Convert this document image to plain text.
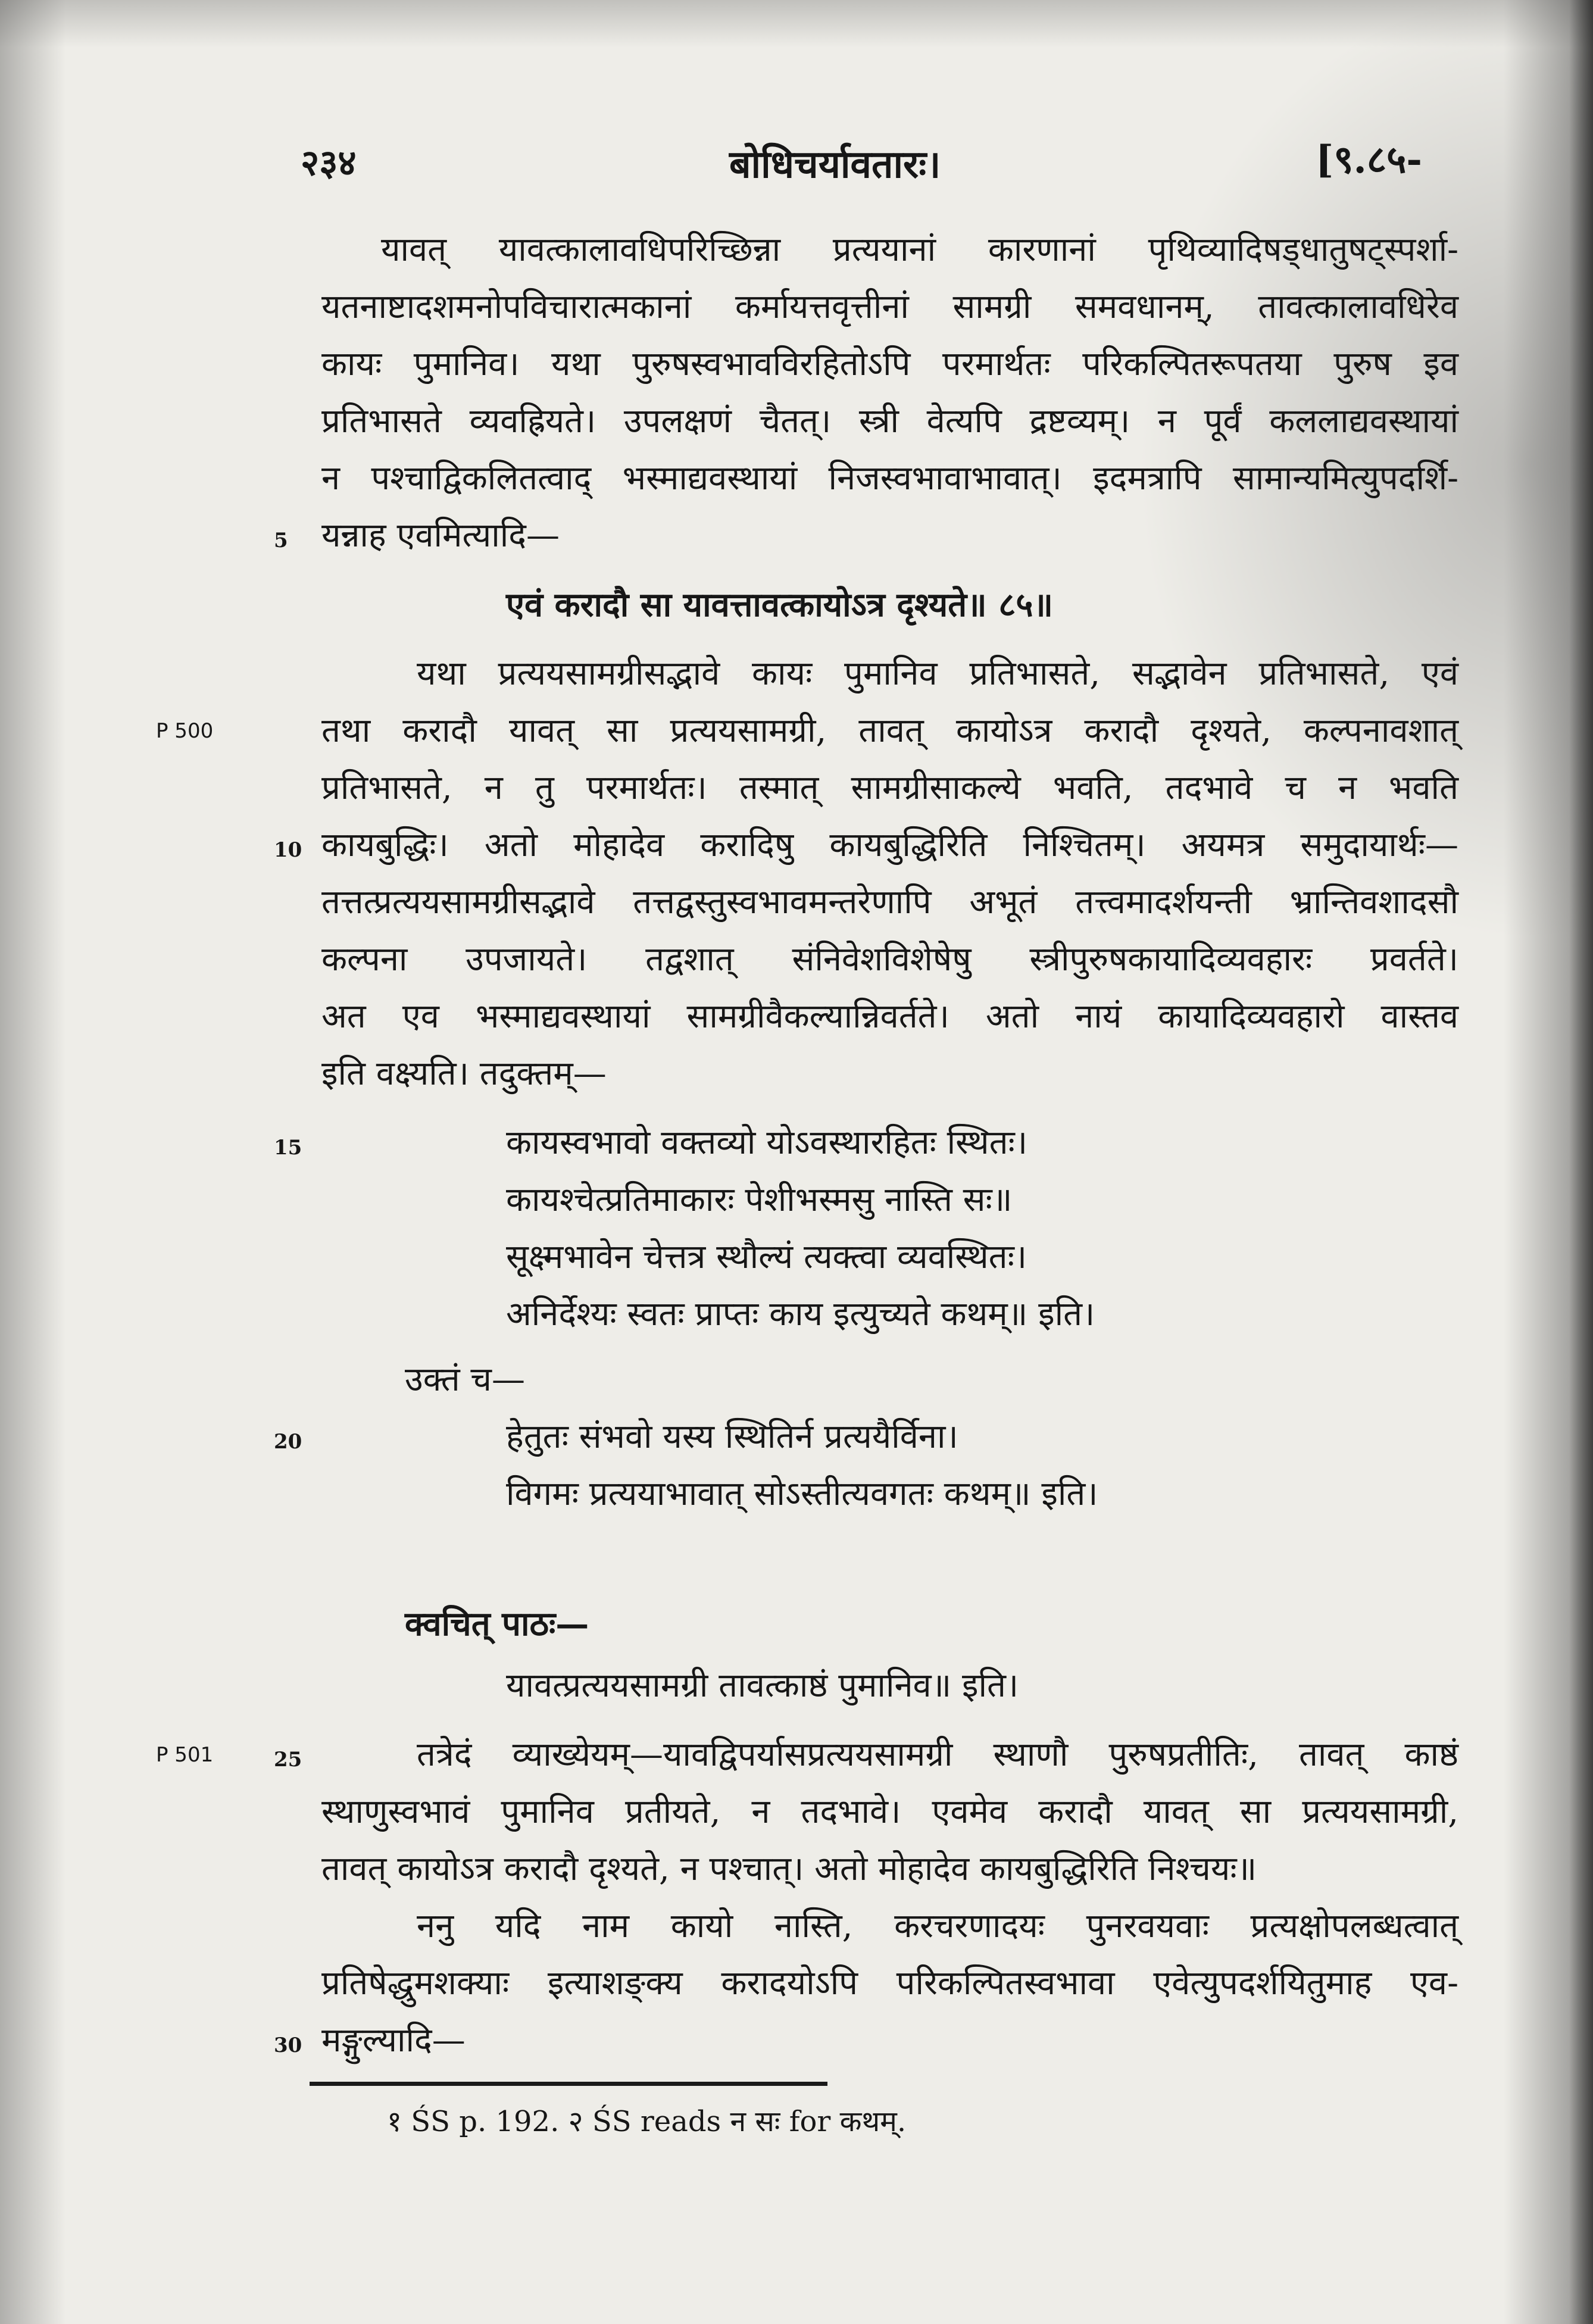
२३४	बोधिचर्यावतारः।	[९.८५-
यावत् यावत्कालावधिपरिच्छिन्ना प्रत्ययानां कारणानां पृथिव्यादिषड्धातुषट्स्पर्शा-
यतनाष्टादशमनोपविचारात्मकानां कर्मायत्तवृत्तीनां सामग्री समवधानम्, तावत्कालावधिरेव
कायः पुमानिव। यथा पुरुषस्वभावविरहितोऽपि परमार्थतः परिकल्पितरूपतया पुरुष इव
प्रतिभासते व्यवह्रियते। उपलक्षणं चैतत्। स्त्री वेत्यपि द्रष्टव्यम्। न पूर्वं कललाद्यवस्थायां
न पश्चाद्विकलितत्वाद् भस्माद्यवस्थायां निजस्वभावाभावात्। इदमत्रापि सामान्यमित्युपदर्शि-
यन्नाह एवमित्यादि—
एवं करादौ सा यावत्तावत्कायोऽत्र दृश्यते॥ ८५॥
यथा प्रत्ययसामग्रीसद्भावे कायः पुमानिव प्रतिभासते, सद्भावेन प्रतिभासते, एवं
तथा करादौ यावत् सा प्रत्ययसामग्री, तावत् कायोऽत्र करादौ दृश्यते, कल्पनावशात्
प्रतिभासते, न तु परमार्थतः। तस्मात् सामग्रीसाकल्ये भवति, तदभावे च न भवति
कायबुद्धिः। अतो मोहादेव करादिषु कायबुद्धिरिति निश्चितम्। अयमत्र समुदायार्थः—
तत्तत्प्रत्ययसामग्रीसद्भावे तत्तद्वस्तुस्वभावमन्तरेणापि अभूतं तत्त्वमादर्शयन्ती भ्रान्तिवशादसौ
कल्पना उपजायते। तद्वशात् संनिवेशविशेषेषु स्त्रीपुरुषकायादिव्यवहारः प्रवर्तते।
अत एव भस्माद्यवस्थायां सामग्रीवैकल्यान्निवर्तते। अतो नायं कायादिव्यवहारो वास्तव
इति वक्ष्यति। तदुक्तम्—
कायस्वभावो वक्तव्यो योऽवस्थारहितः स्थितः।
कायश्चेत्प्रतिमाकारः पेशीभस्मसु नास्ति सः॥
सूक्ष्मभावेन चेत्तत्र स्थौल्यं त्यक्त्वा व्यवस्थितः।
अनिर्देश्यः स्वतः प्राप्तः काय इत्युच्यते कथम्॥ इति।
उक्तं च—
हेतुतः संभवो यस्य स्थितिर्न प्रत्ययैर्विना।
विगमः प्रत्ययाभावात् सोऽस्तीत्यवगतः कथम्॥ इति।
क्वचित् पाठः—
यावत्प्रत्ययसामग्री तावत्काष्ठं पुमानिव॥ इति।
तत्रेदं व्याख्येयम्—यावद्विपर्यासप्रत्ययसामग्री स्थाणौ पुरुषप्रतीतिः, तावत् काष्ठं
स्थाणुस्वभावं पुमानिव प्रतीयते, न तदभावे। एवमेव करादौ यावत् सा प्रत्ययसामग्री,
तावत् कायोऽत्र करादौ दृश्यते, न पश्चात्। अतो मोहादेव कायबुद्धिरिति निश्चयः॥
ननु यदि नाम कायो नास्ति, करचरणादयः पुनरवयवाः प्रत्यक्षोपलब्धत्वात्
प्रतिषेद्धुमशक्याः इत्याशङ्क्य करादयोऽपि परिकल्पितस्वभावा एवेत्युपदर्शयितुमाह एव-
मङ्गुल्यादि—
5
10
15
20
25
30
P 500
P 501
१ ŚS p. 192. २ ŚS reads न सः for कथम्.
